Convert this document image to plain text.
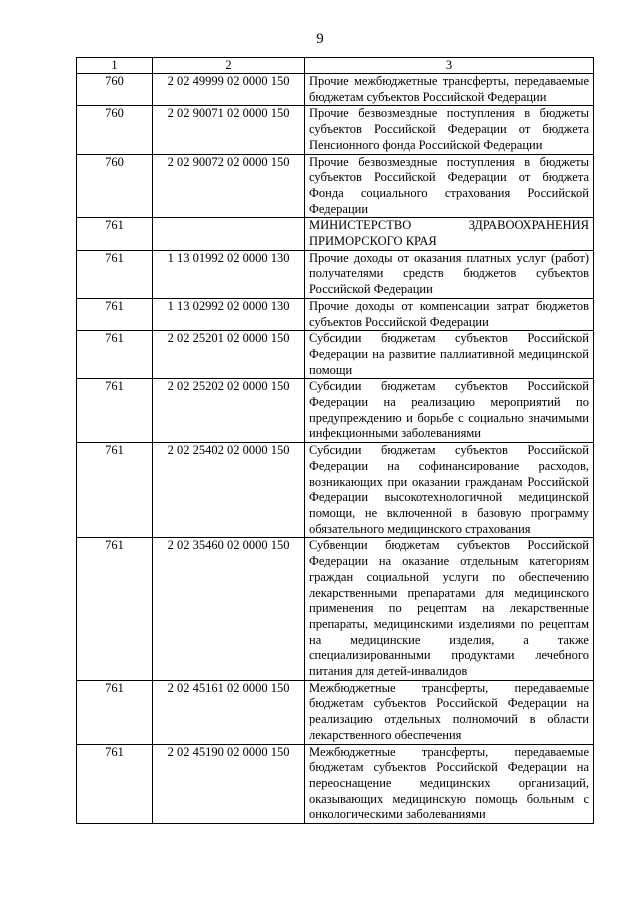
9
1	2	3
760	2 02 49999 02 0000 150	Прочие межбюджетные трансферты, передаваемые бюджетам субъектов Российской Федерации
760	2 02 90071 02 0000 150	Прочие безвозмездные поступления в бюджеты субъектов Российской Федерации от бюджета Пенсионного фонда Российской Федерации
760	2 02 90072 02 0000 150	Прочие безвозмездные поступления в бюджеты субъектов Российской Федерации от бюджета Фонда социального страхования Российской Федерации
761		МИНИСТЕРСТВО ЗДРАВООХРАНЕНИЯ ПРИМОРСКОГО КРАЯ
761	1 13 01992 02 0000 130	Прочие доходы от оказания платных услуг (работ) получателями средств бюджетов субъектов Российской Федерации
761	1 13 02992 02 0000 130	Прочие доходы от компенсации затрат бюджетов субъектов Российской Федерации
761	2 02 25201 02 0000 150	Субсидии бюджетам субъектов Российской Федерации на развитие паллиативной медицинской помощи
761	2 02 25202 02 0000 150	Субсидии бюджетам субъектов Российской Федерации на реализацию мероприятий по предупреждению и борьбе с социально значимыми инфекционными заболеваниями
761	2 02 25402 02 0000 150	Субсидии бюджетам субъектов Российской Федерации на софинансирование расходов, возникающих при оказании гражданам Российской Федерации высокотехнологичной медицинской помощи, не включенной в базовую программу обязательного медицинского страхования
761	2 02 35460 02 0000 150	Субвенции бюджетам субъектов Российской Федерации на оказание отдельным категориям граждан социальной услуги по обеспечению лекарственными препаратами для медицинского применения по рецептам на лекарственные препараты, медицинскими изделиями по рецептам на медицинские изделия, а также специализированными продуктами лечебного питания для детей-инвалидов
761	2 02 45161 02 0000 150	Межбюджетные трансферты, передаваемые бюджетам субъектов Российской Федерации на реализацию отдельных полномочий в области лекарственного обеспечения
761	2 02 45190 02 0000 150	Межбюджетные трансферты, передаваемые бюджетам субъектов Российской Федерации на переоснащение медицинских организаций, оказывающих медицинскую помощь больным с онкологическими заболеваниями
